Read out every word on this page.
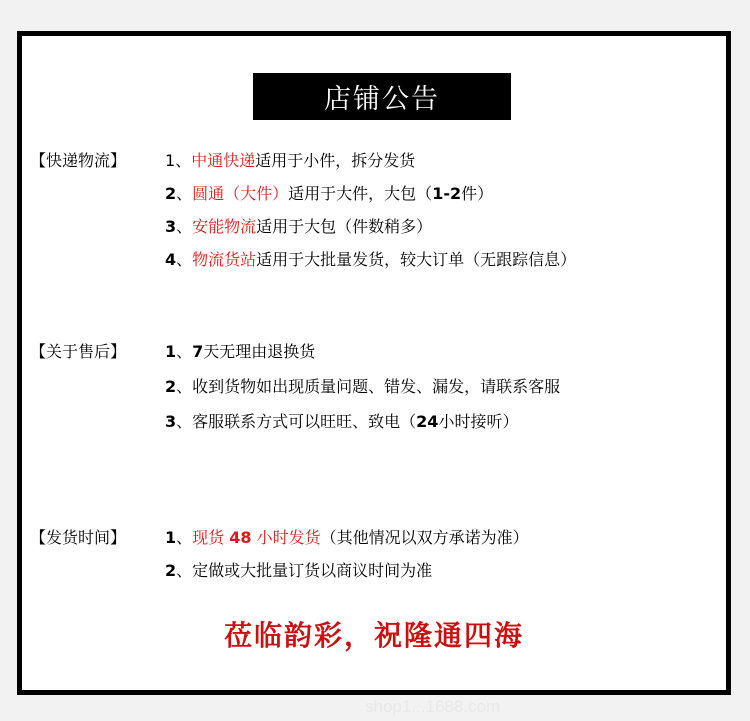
店铺公告
【快递物流】 1、中通快递适用于小件，拆分发货
2、圆通（大件）适用于大件，大包（1-2件）
3、安能物流适用于大包（件数稍多）
4、物流货站适用于大批量发货，较大订单（无跟踪信息）
【关于售后】 1、7天无理由退换货
2、收到货物如出现质量问题、错发、漏发，请联系客服
3、客服联系方式可以旺旺、致电（24小时接听）
【发货时间】 1、现货 48 小时发货（其他情况以双方承诺为准）
2、定做或大批量订货以商议时间为准
莅临韵彩，祝隆通四海
shop1...1688.com
